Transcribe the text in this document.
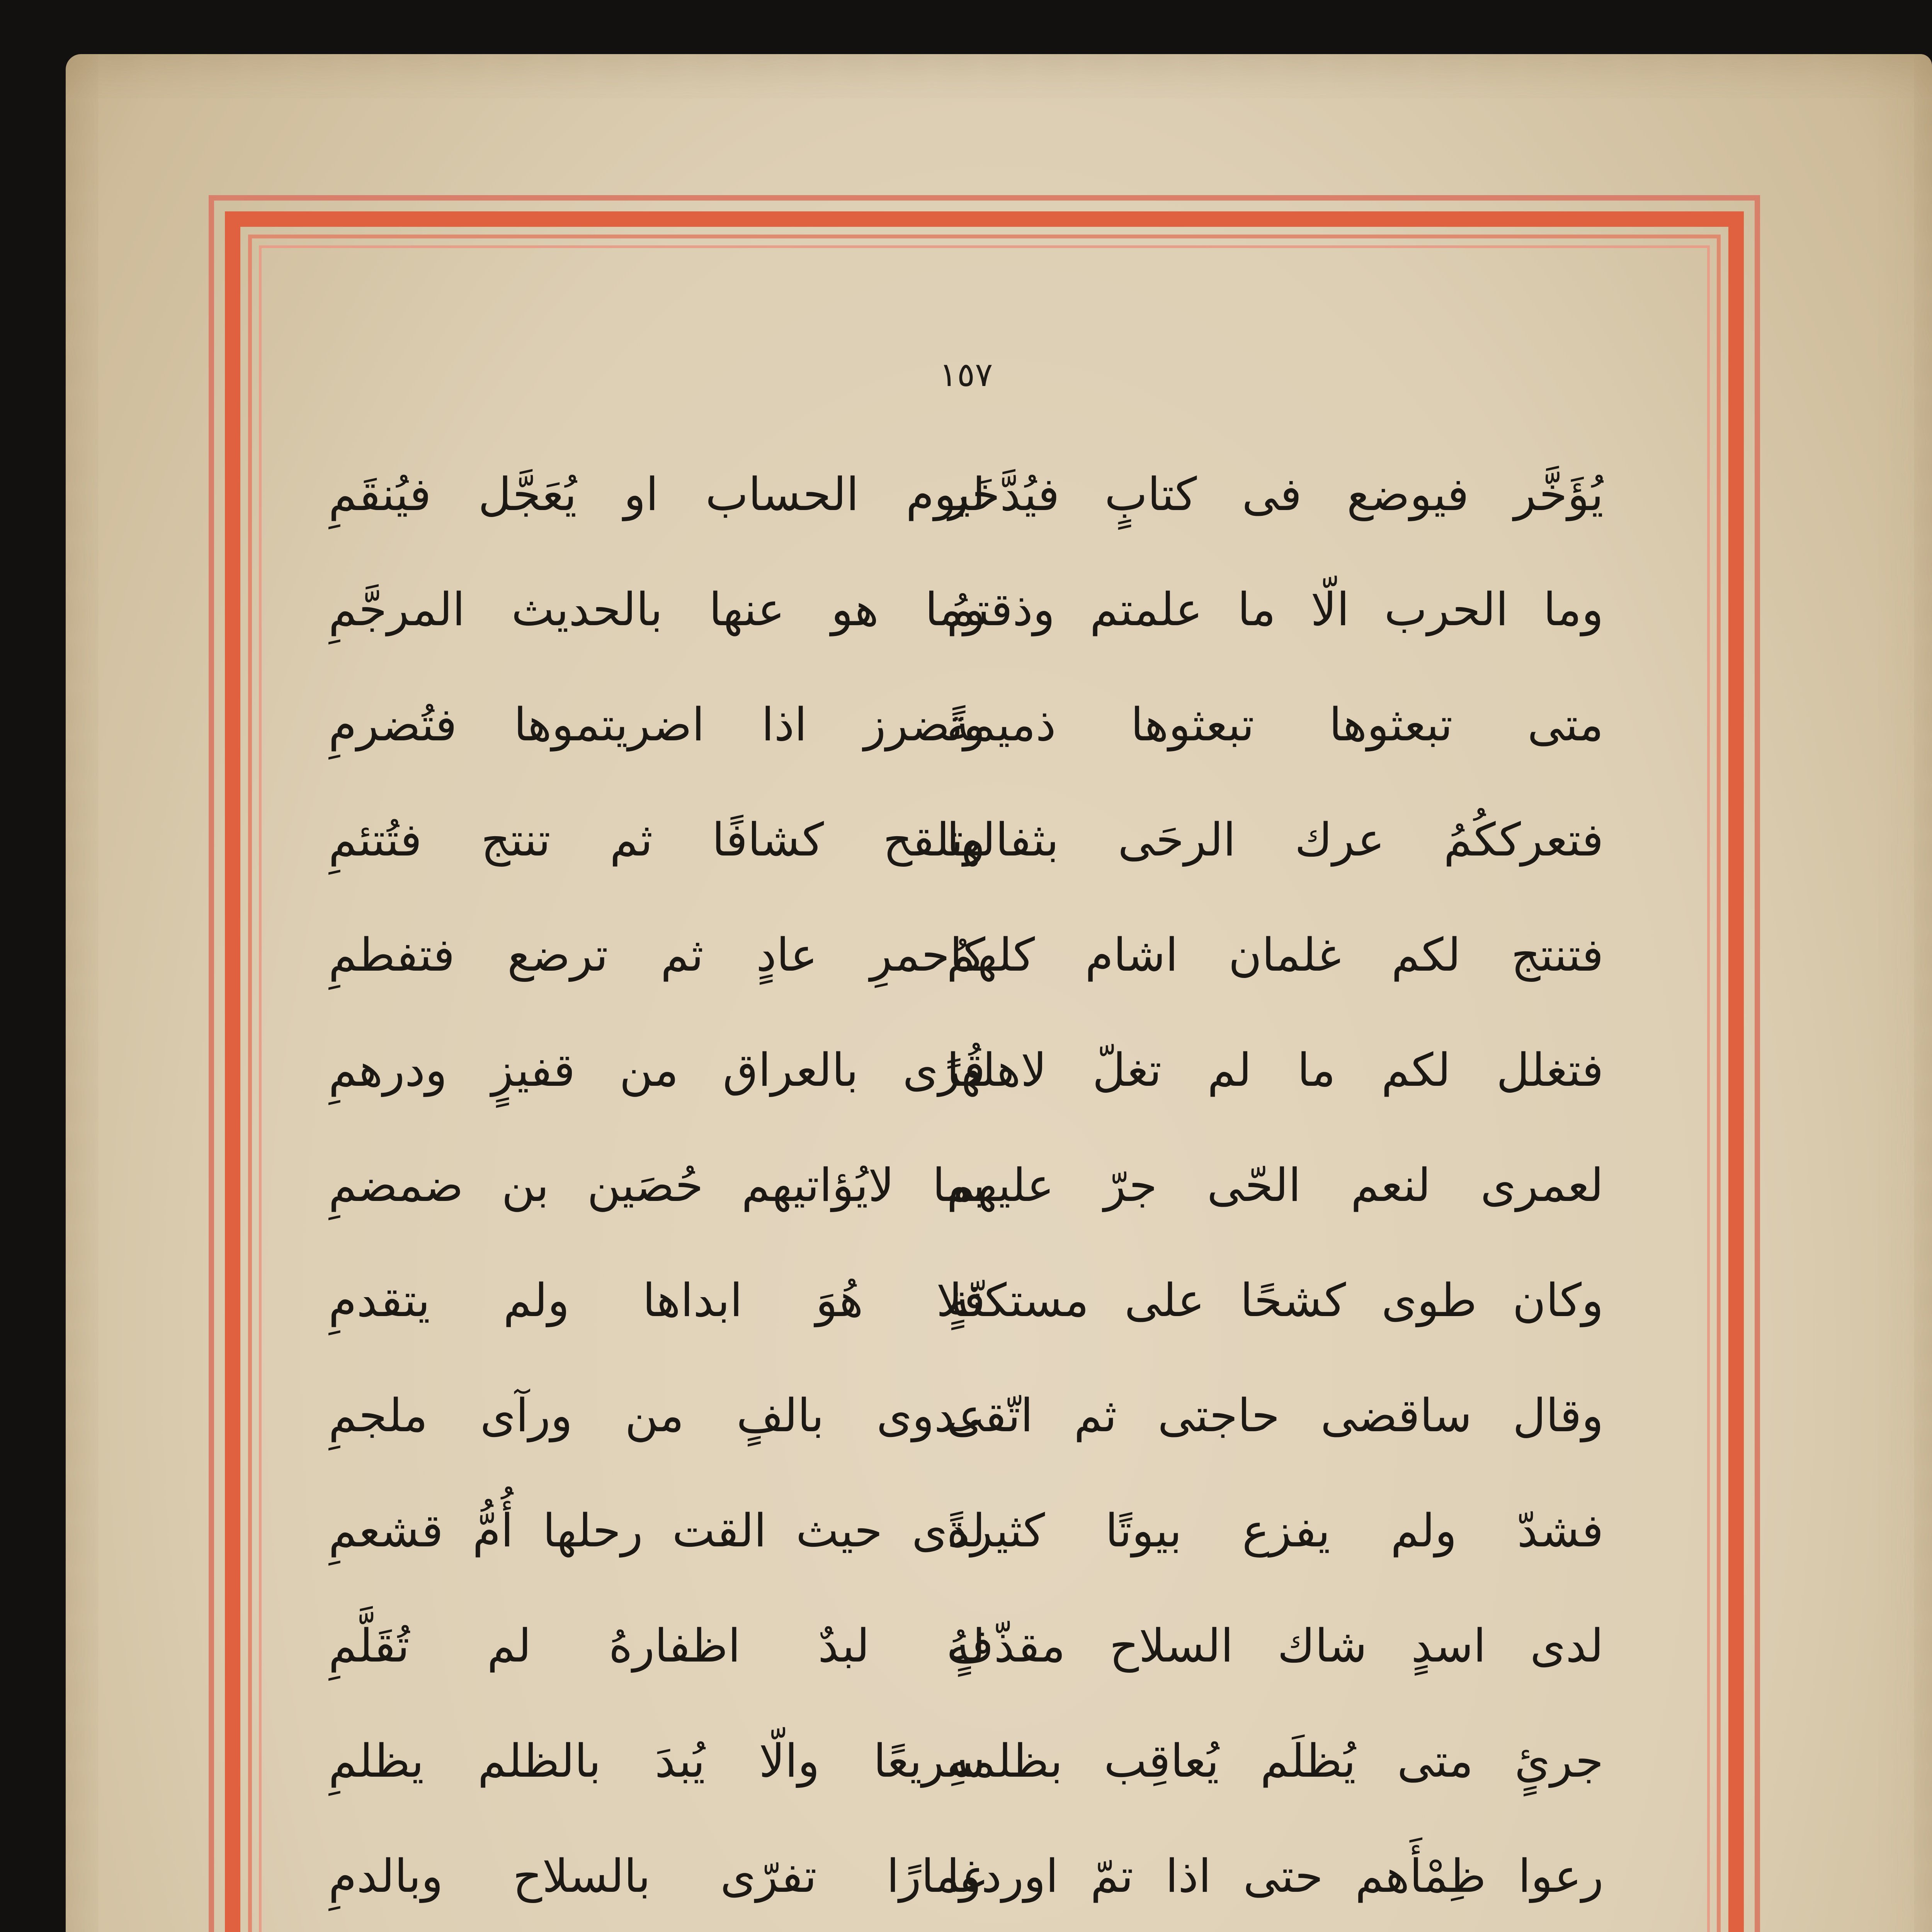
١٥٧
يُؤَخَّر فيوضع فى كتابٍ فيُدَّخَر
وما الحرب الّا ما علمتم وذقتمُ
متى تبعثوها تبعثوها ذميمةً
فتعرككُمُ عرك الرحَى بثفالها
فتنتج لكم غلمان اشام كلهمُ
فتغلل لكم ما لم تغلّ لاهلها
لعمرى لنعم الحّى جرّ عليهم
وكان طوى كشحًا على مستكنّةٍ
وقال ساقضى حاجتى ثم اتّقى
فشدّ ولم يفزع بيوتًا كثيرةً
لدى اسدٍ شاك السلاح مقذّفٍ
جرئٍ متى يُظلَم يُعاقِب بظلمهِ
رعوا ظِمْأَهم حتى اذا تمّ اوردوا
ليوم الحساب او يُعَجَّل فيُنقَمِ
وما هو عنها بالحديث المرجَّمِ
وتضرز اذا اضريتموها فتُضرمِ
وتلقح كشافًا ثم تنتج فتُتئمِ
كاحمرِ عادٍ ثم ترضع فتفطمِ
قُرًى بالعراق من قفيزٍ ودرهمِ
بما لايُؤاتيهم حُصَين بن ضمضمِ
فلا هُوَ ابداها ولم يتقدمِ
عدوى بالفٍ من ورآى ملجمِ
لدى حيث القت رحلها أُمُّ قشعمِ
لهُ لبدٌ اظفارهُ لم تُقَلَّمِ
سريعًا والّا يُبدَ بالظلم يظلمِ
غمارًا تفرّى بالسلاح وبالدمِ
